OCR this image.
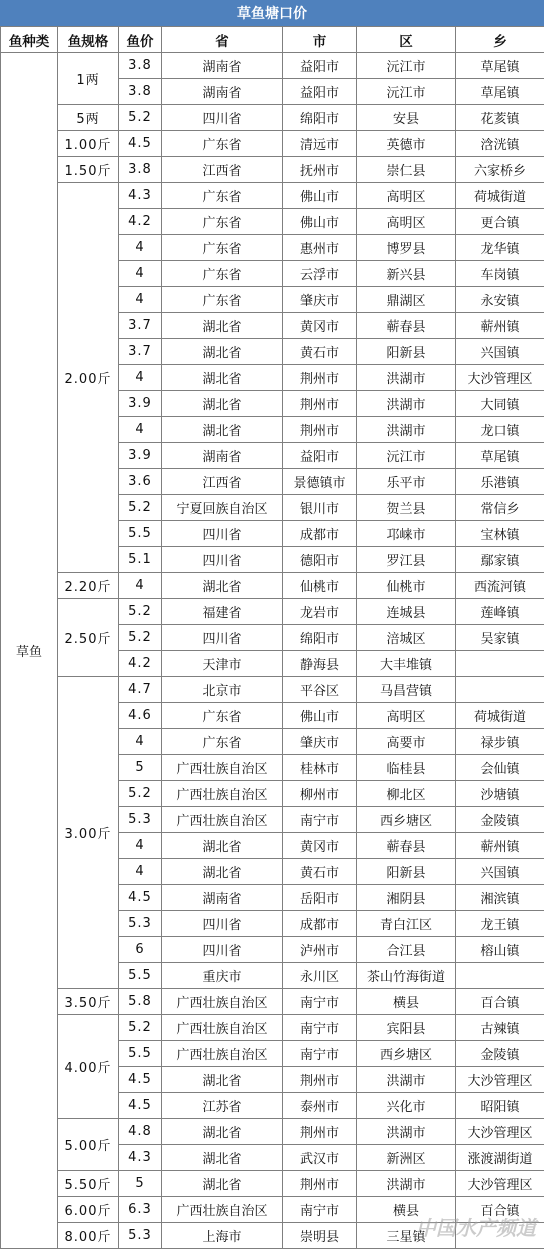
草鱼塘口价
鱼种类	鱼规格	鱼价	省	市	区	乡
草鱼	1两	3.8	湖南省	益阳市	沅江市	草尾镇
		3.8	湖南省	益阳市	沅江市	草尾镇
	5两	5.2	四川省	绵阳市	安县	花荄镇
	1.00斤	4.5	广东省	清远市	英德市	浛洸镇
	1.50斤	3.8	江西省	抚州市	崇仁县	六家桥乡
	2.00斤	4.3	广东省	佛山市	高明区	荷城街道
		4.2	广东省	佛山市	高明区	更合镇
		4	广东省	惠州市	博罗县	龙华镇
		4	广东省	云浮市	新兴县	车岗镇
		4	广东省	肇庆市	鼎湖区	永安镇
		3.7	湖北省	黄冈市	蕲春县	蕲州镇
		3.7	湖北省	黄石市	阳新县	兴国镇
		4	湖北省	荆州市	洪湖市	大沙管理区
		3.9	湖北省	荆州市	洪湖市	大同镇
		4	湖北省	荆州市	洪湖市	龙口镇
		3.9	湖南省	益阳市	沅江市	草尾镇
		3.6	江西省	景德镇市	乐平市	乐港镇
		5.2	宁夏回族自治区	银川市	贺兰县	常信乡
		5.5	四川省	成都市	邛崃市	宝林镇
		5.1	四川省	德阳市	罗江县	鄢家镇
	2.20斤	4	湖北省	仙桃市	仙桃市	西流河镇
	2.50斤	5.2	福建省	龙岩市	连城县	莲峰镇
		5.2	四川省	绵阳市	涪城区	吴家镇
		4.2	天津市	静海县	大丰堆镇	
	3.00斤	4.7	北京市	平谷区	马昌营镇	
		4.6	广东省	佛山市	高明区	荷城街道
		4	广东省	肇庆市	高要市	禄步镇
		5	广西壮族自治区	桂林市	临桂县	会仙镇
		5.2	广西壮族自治区	柳州市	柳北区	沙塘镇
		5.3	广西壮族自治区	南宁市	西乡塘区	金陵镇
		4	湖北省	黄冈市	蕲春县	蕲州镇
		4	湖北省	黄石市	阳新县	兴国镇
		4.5	湖南省	岳阳市	湘阴县	湘滨镇
		5.3	四川省	成都市	青白江区	龙王镇
		6	四川省	泸州市	合江县	榕山镇
		5.5	重庆市	永川区	茶山竹海街道	
	3.50斤	5.8	广西壮族自治区	南宁市	横县	百合镇
	4.00斤	5.2	广西壮族自治区	南宁市	宾阳县	古辣镇
		5.5	广西壮族自治区	南宁市	西乡塘区	金陵镇
		4.5	湖北省	荆州市	洪湖市	大沙管理区
		4.5	江苏省	泰州市	兴化市	昭阳镇
	5.00斤	4.8	湖北省	荆州市	洪湖市	大沙管理区
		4.3	湖北省	武汉市	新洲区	涨渡湖街道
	5.50斤	5	湖北省	荆州市	洪湖市	大沙管理区
	6.00斤	6.3	广西壮族自治区	南宁市	横县	百合镇
	8.00斤	5.3	上海市	崇明县	三星镇	
中国水产频道
